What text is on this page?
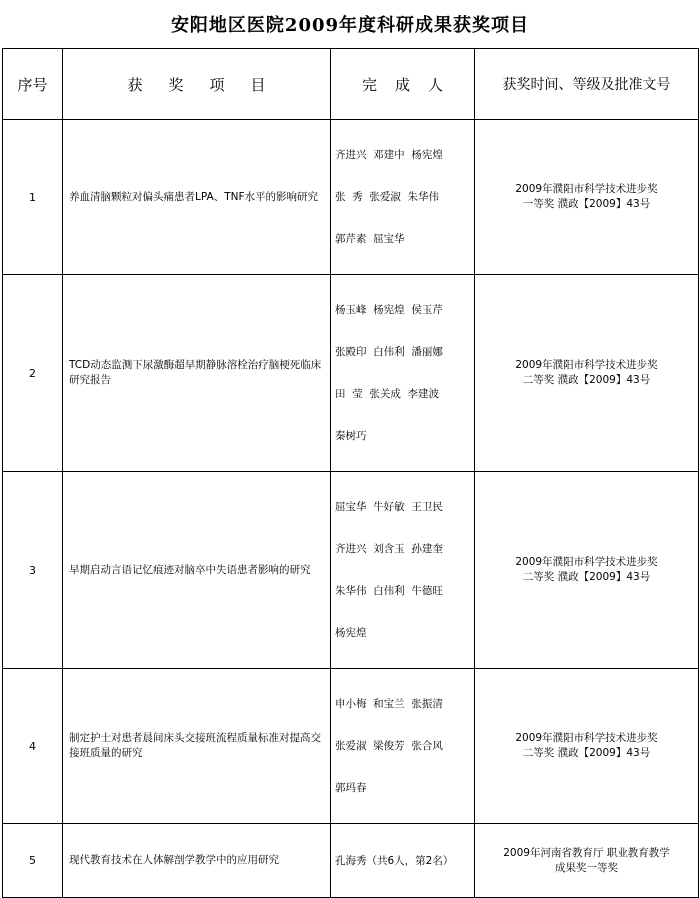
安阳地区医院2009年度科研成果获奖项目
序号	获奖项目	完成人	获奖时间、等级及批准文号
1	养血清脑颗粒对偏头痛患者LPA、TNF水平的影响研究	齐进兴  邓建中  杨宪煌

张  秀  张爱淑  朱华伟

郭芹素  屈宝华	2009年濮阳市科学技术进步奖
一等奖 濮政【2009】43号

2	TCD动态监测下尿激酶超早期静脉溶栓治疗脑梗死临床研究报告	杨玉峰  杨宪煌  侯玉芹

张殿印  白伟利  潘丽娜

田  莹  张关成  李建波

秦树巧	2009年濮阳市科学技术进步奖
二等奖 濮政【2009】43号

3	早期启动言语记忆痕迹对脑卒中失语患者影响的研究	屈宝华  牛好敏  王卫民

齐进兴  刘含玉  孙建奎

朱华伟  白伟利  牛德旺

杨宪煌	2009年濮阳市科学技术进步奖
二等奖 濮政【2009】43号

4	制定护士对患者晨间床头交接班流程质量标准对提高交接班质量的研究	申小梅  和宝兰  张振清

张爱淑  梁俊芳  张合风

郭玛春	2009年濮阳市科学技术进步奖
二等奖 濮政【2009】43号

5	现代教育技术在人体解剖学教学中的应用研究	孔海秀（共6人，第2名）	2009年河南省教育厅 职业教育教学
成果奖一等奖
